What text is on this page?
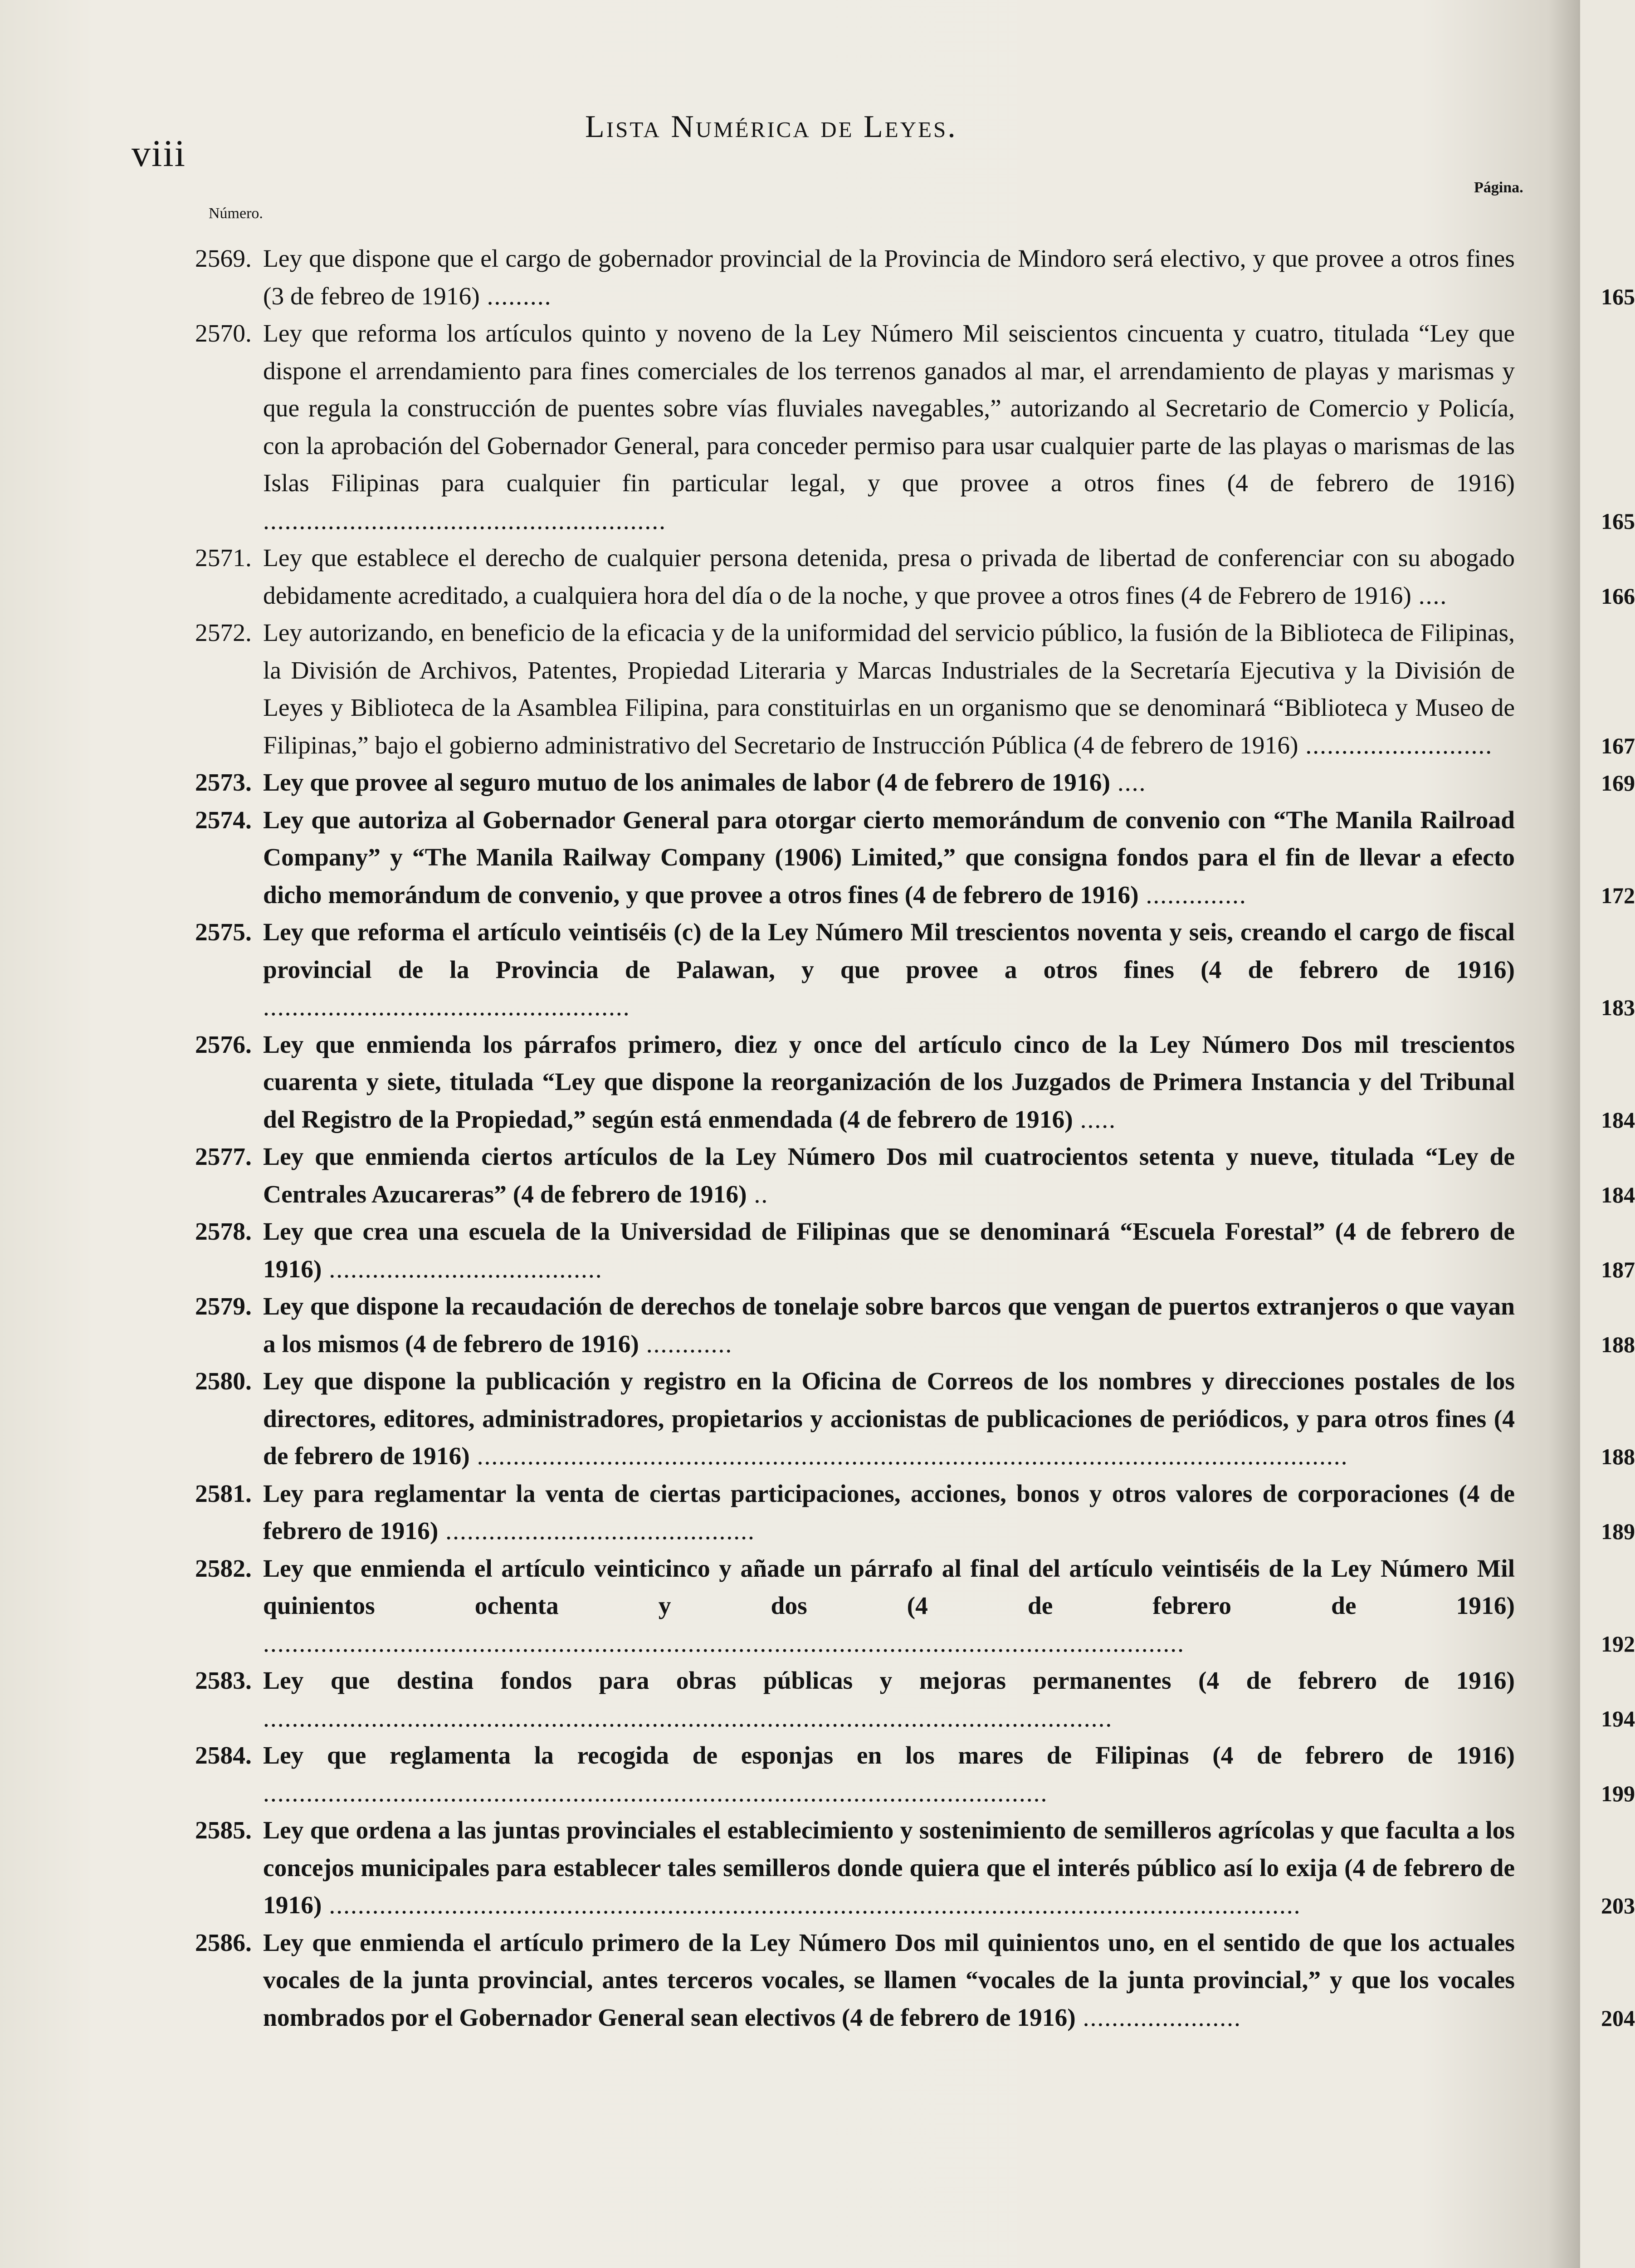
viii
Lista Numérica de Leyes.
Número.
Página.
2569. Ley que dispone que el cargo de gobernador provincial de la Provincia de Mindoro será electivo, y que provee a otros fines (3 de febreo de 1916) .........	165
2570. Ley que reforma los artículos quinto y noveno de la Ley Número Mil seiscientos cincuenta y cuatro, titulada “Ley que dispone el arrendamiento para fines comerciales de los terrenos ganados al mar, el arrendamiento de playas y marismas y que regula la construcción de puentes sobre vías fluviales navegables,” autorizando al Secretario de Comercio y Policía, con la aprobación del Gobernador General, para conceder permiso para usar cualquier parte de las playas o marismas de las Islas Filipinas para cualquier fin particular legal, y que provee a otros fines (4 de febrero de 1916) ........................................................	165
2571. Ley que establece el derecho de cualquier persona detenida, presa o privada de libertad de conferenciar con su abogado debidamente acreditado, a cualquiera hora del día o de la noche, y que provee a otros fines (4 de Febrero de 1916) ....	166
2572. Ley autorizando, en beneficio de la eficacia y de la uniformidad del servicio público, la fusión de la Biblioteca de Filipinas, la División de Archivos, Patentes, Propiedad Literaria y Marcas Industriales de la Secretaría Ejecutiva y la División de Leyes y Biblioteca de la Asamblea Filipina, para constituirlas en un organismo que se denominará “Biblioteca y Museo de Filipinas,” bajo el gobierno administrativo del Secretario de Instrucción Pública (4 de febrero de 1916) ..........................	167
2573. Ley que provee al seguro mutuo de los animales de labor (4 de febrero de 1916) ....	169
2574. Ley que autoriza al Gobernador General para otorgar cierto memorándum de convenio con “The Manila Railroad Company” y “The Manila Railway Company (1906) Limited,” que consigna fondos para el fin de llevar a efecto dicho memorándum de convenio, y que provee a otros fines (4 de febrero de 1916) ..............	172
2575. Ley que reforma el artículo veintiséis (c) de la Ley Número Mil trescientos noventa y seis, creando el cargo de fiscal provincial de la Provincia de Palawan, y que provee a otros fines (4 de febrero de 1916) ...................................................	183
2576. Ley que enmienda los párrafos primero, diez y once del artículo cinco de la Ley Número Dos mil trescientos cuarenta y siete, titulada “Ley que dispone la reorganización de los Juzgados de Primera Instancia y del Tribunal del Registro de la Propiedad,” según está enmendada (4 de febrero de 1916) .....	184
2577. Ley que enmienda ciertos artículos de la Ley Número Dos mil cuatrocientos setenta y nueve, titulada “Ley de Centrales Azucareras” (4 de febrero de 1916) ..	184
2578. Ley que crea una escuela de la Universidad de Filipinas que se denominará “Escuela Forestal” (4 de febrero de 1916) ......................................	187
2579. Ley que dispone la recaudación de derechos de tonelaje sobre barcos que vengan de puertos extranjeros o que vayan a los mismos (4 de febrero de 1916) ............	188
2580. Ley que dispone la publicación y registro en la Oficina de Correos de los nombres y direcciones postales de los directores, editores, administradores, propietarios y accionistas de publicaciones de periódicos, y para otros fines (4 de febrero de 1916) .........................................................................................................................	188
2581. Ley para reglamentar la venta de ciertas participaciones, acciones, bonos y otros valores de corporaciones (4 de febrero de 1916) ...........................................	189
2582. Ley que enmienda el artículo veinticinco y añade un párrafo al final del artículo veintiséis de la Ley Número Mil quinientos ochenta y dos (4 de febrero de 1916) ................................................................................................................................	192
2583. Ley que destina fondos para obras públicas y mejoras permanentes (4 de febrero de 1916) ......................................................................................................................	194
2584. Ley que reglamenta la recogida de esponjas en los mares de Filipinas (4 de febrero de 1916) .............................................................................................................	199
2585. Ley que ordena a las juntas provinciales el establecimiento y sostenimiento de semilleros agrícolas y que faculta a los concejos municipales para establecer tales semilleros donde quiera que el interés público así lo exija (4 de febrero de 1916) .......................................................................................................................................	203
2586. Ley que enmienda el artículo primero de la Ley Número Dos mil quinientos uno, en el sentido de que los actuales vocales de la junta provincial, antes terceros vocales, se llamen “vocales de la junta provincial,” y que los vocales nombrados por el Gobernador General sean electivos (4 de febrero de 1916) ......................	204
